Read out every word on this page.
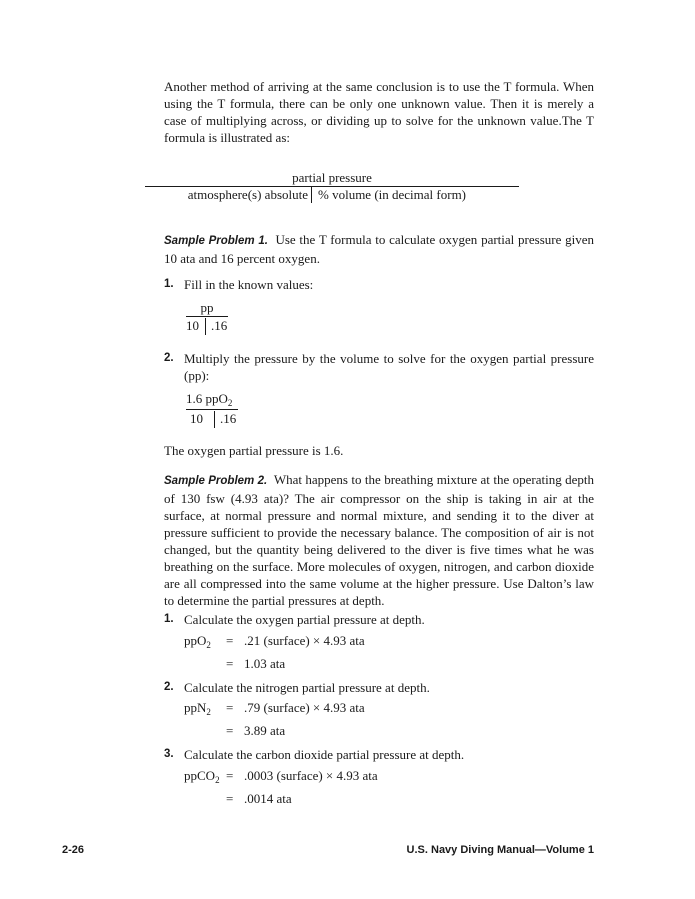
Another method of arriving at the same conclusion is to use the T formula. When using the T formula, there can be only one unknown value. Then it is merely a case of multiplying across, or dividing up to solve for the unknown value.The T formula is illustrated as:

partial pressure
atmosphere(s) absolute % volume (in decimal form)

Sample Problem 1. Use the T formula to calculate oxygen partial pressure given 10 ata and 16 percent oxygen.

1. Fill in the known values:

pp
10 .16
2. Multiply the pressure by the volume to solve for the oxygen partial pressure (pp):

1.6 ppO$_2$
10 .16

The oxygen partial pressure is 1.6.

Sample Problem 2. What happens to the breathing mixture at the operating depth of 130 fsw (4.93 ata)? The air compressor on the ship is taking in air at the surface, at normal pressure and normal mixture, and sending it to the diver at pressure sufficient to provide the necessary balance. The composition of air is not changed, but the quantity being delivered to the diver is five times what he was breathing on the surface. More molecules of oxygen, nitrogen, and carbon dioxide are all compressed into the same volume at the higher pressure. Use Dalton’s law to determine the partial pressures at depth.

1. Calculate the oxygen partial pressure at depth.

ppO$_2$ = .21 (surface) × 4.93 ata
= 1.03 ata
2. Calculate the nitrogen partial pressure at depth.

ppN$_2$ = .79 (surface) × 4.93 ata
= 3.89 ata
3. Calculate the carbon dioxide partial pressure at depth.

ppCO$_2$ = .0003 (surface) × 4.93 ata
= .0014 ata
2-26	U.S. Navy Diving Manual—Volume 1
